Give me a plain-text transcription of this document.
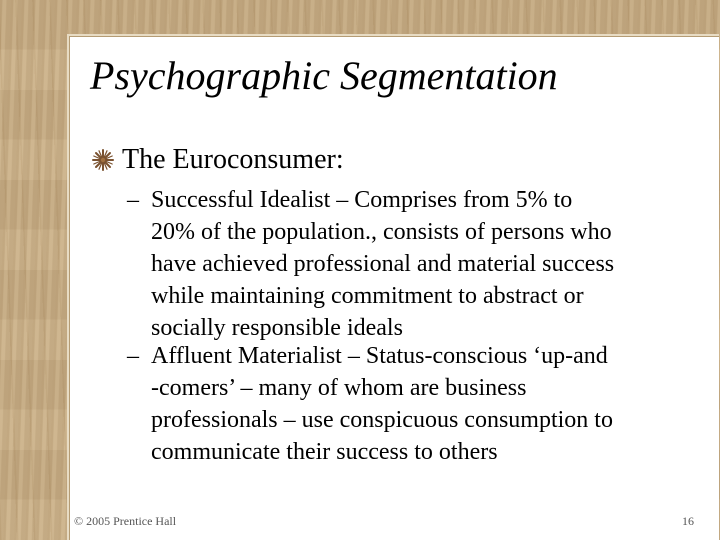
Psychographic Segmentation
The Euroconsumer:
– Successful Idealist – Comprises from 5% to
20% of the population., consists of persons who
have achieved professional and material success
while maintaining commitment to abstract or
socially responsible ideals
– Affluent Materialist – Status-conscious ‘up-and
-comers’ – many of whom are business
professionals – use conspicuous consumption to
communicate their success to others
© 2005 Prentice Hall	16
